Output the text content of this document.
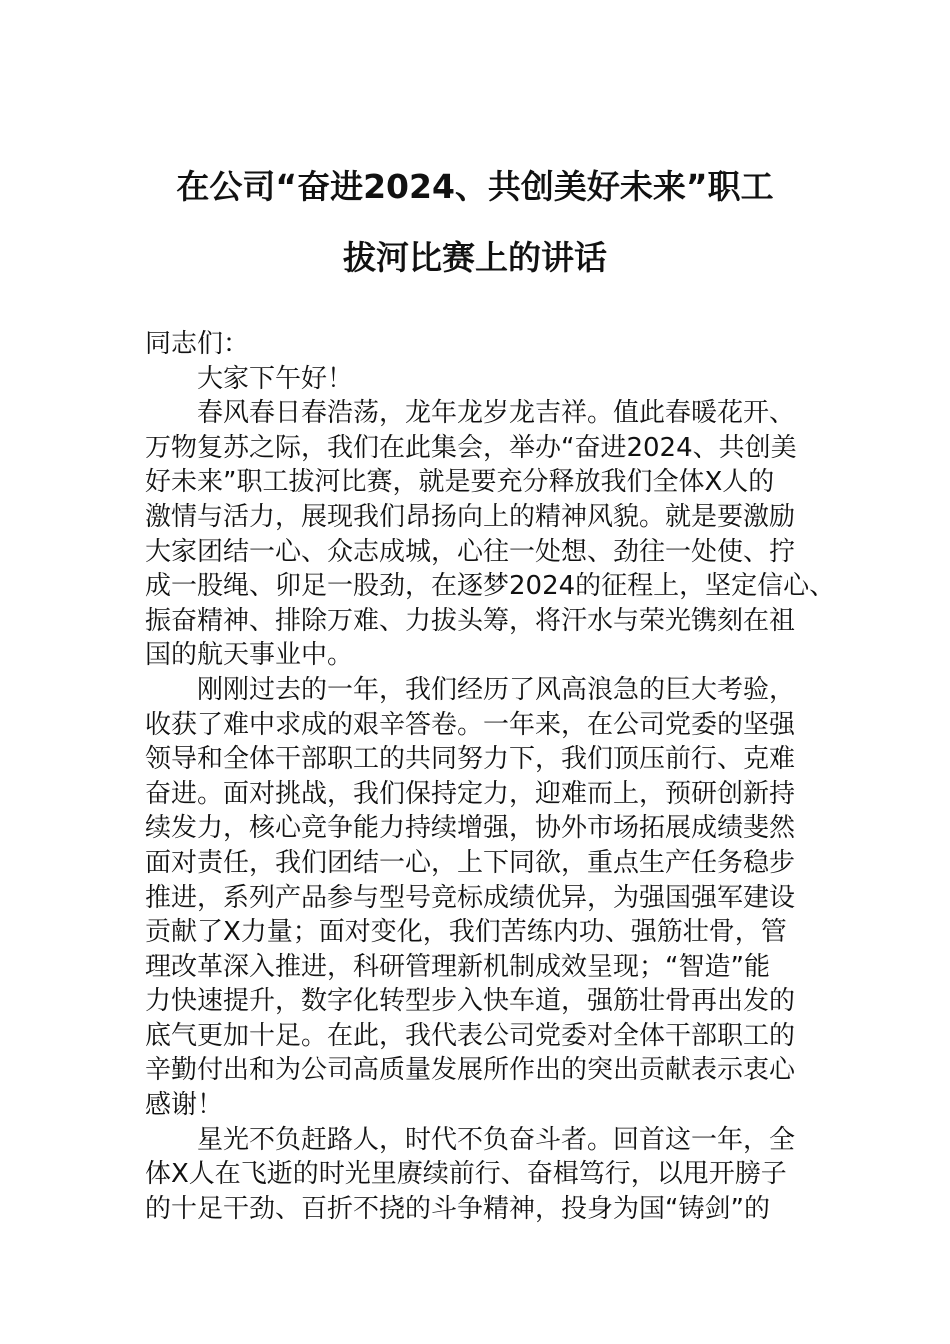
在公司“奋进2024、共创美好未来”职工
拔河比赛上的讲话
同志们：
大家下午好！
春风春日春浩荡，龙年龙岁龙吉祥。值此春暖花开、
万物复苏之际，我们在此集会，举办“奋进2024、共创美
好未来”职工拔河比赛，就是要充分释放我们全体X人的
激情与活力，展现我们昂扬向上的精神风貌。就是要激励
大家团结一心、众志成城，心往一处想、劲往一处使、拧
成一股绳、卯足一股劲，在逐梦2024的征程上，坚定信心、
振奋精神、排除万难、力拔头筹，将汗水与荣光镌刻在祖
国的航天事业中。
刚刚过去的一年，我们经历了风高浪急的巨大考验，
收获了难中求成的艰辛答卷。一年来，在公司党委的坚强
领导和全体干部职工的共同努力下，我们顶压前行、克难
奋进。面对挑战，我们保持定力，迎难而上，预研创新持
续发力，核心竞争能力持续增强，协外市场拓展成绩斐然
面对责任，我们团结一心，上下同欲，重点生产任务稳步
推进，系列产品参与型号竞标成绩优异，为强国强军建设
贡献了X力量；面对变化，我们苦练内功、强筋壮骨，管
理改革深入推进，科研管理新机制成效呈现；“智造”能
力快速提升，数字化转型步入快车道，强筋壮骨再出发的
底气更加十足。在此，我代表公司党委对全体干部职工的
辛勤付出和为公司高质量发展所作出的突出贡献表示衷心
感谢！
星光不负赶路人，时代不负奋斗者。回首这一年，全
体X人在飞逝的时光里赓续前行、奋楫笃行，以甩开膀子
的十足干劲、百折不挠的斗争精神，投身为国“铸剑”的
